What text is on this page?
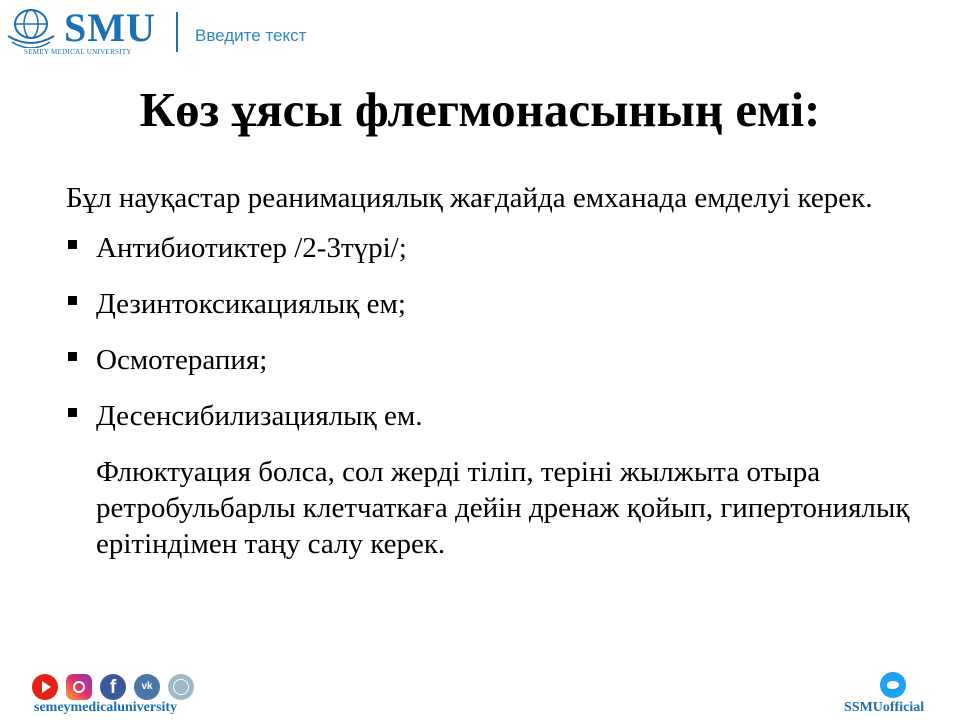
SMU
SEMEY MEDICAL UNIVERSITY
Введите текст
Көз ұясы флегмонасының емі:

Бұл науқастар реанимациялық жағдайда емханада емделуі керек.

Антибиотиктер /2-3түрі/;
Дезинтоксикациялық ем;
Осмотерапия;
Десенсибилизациялық ем.

Флюктуация болса, сол жерді тіліп, теріні жылжыта отыра ретробульбарлы клетчаткаға дейін дренаж қойып, гипертониялық ерітіндімен таңу салу керек.

f	vk
semeymedicaluniversity	SSMUofficial
